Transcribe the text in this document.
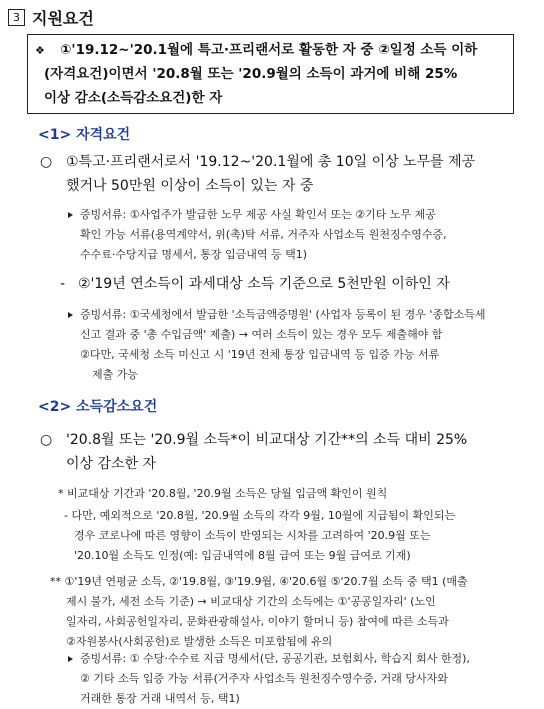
3 지원요건
❖ ①'19.12~'20.1월에 특고·프리랜서로 활동한 자 중 ②일정 소득 이하
(자격요건)이면서 '20.8월 또는 '20.9월의 소득이 과거에 비해 25%
이상 감소(소득감소요건)한 자
<1> 자격요건
○ ①특고·프리랜서로서 '19.12~'20.1월에 총 10일 이상 노무를 제공
했거나 50만원 이상이 소득이 있는 자 중
증빙서류: ①사업주가 발급한 노무 제공 사실 확인서 또는 ②기타 노무 제공
확인 가능 서류(용역계약서, 위(촉)탁 서류, 거주자 사업소득 원천징수영수증,
수수료·수당지급 명세서, 통장 입금내역 등 택1)
- ②'19년 연소득이 과세대상 소득 기준으로 5천만원 이하인 자
증빙서류: ①국세청에서 발급한 '소득금액증명원' (사업자 등록이 된 경우 '종합소득세
신고 결과 중 '총 수입금액' 제출) → 여러 소득이 있는 경우 모두 제출해야 함
②다만, 국세청 소득 미신고 시 '19년 전체 통장 입금내역 등 입증 가능 서류
제출 가능
<2> 소득감소요건
○ '20.8월 또는 '20.9월 소득*이 비교대상 기간**의 소득 대비 25%
이상 감소한 자
* 비교대상 기간과 '20.8월, '20.9월 소득은 당월 입금액 확인이 원칙
- 다만, 예외적으로 '20.8월, '20.9월 소득의 각각 9월, 10월에 지급됨이 확인되는
경우 코로나에 따른 영향이 소득이 반영되는 시차를 고려하여 '20.9월 또는
'20.10월 소득도 인정(예: 입금내역에 8월 급여 또는 9월 급여로 기재)
** ①'19년 연평균 소득, ②'19.8월, ③'19.9월, ④'20.6월 ⑤'20.7월 소득 중 택1 (매출
제시 불가, 세전 소득 기준) → 비교대상 기간의 소득에는 ①'공공일자리' (노인
일자리, 사회공헌일자리, 문화관광해설사, 이야기 할머니 등) 참여에 따른 소득과
②자원봉사(사회공헌)로 발생한 소득은 미포함됨에 유의
증빙서류: ① 수당·수수료 지급 명세서(단, 공공기관, 보험회사, 학습지 회사 한정),
② 기타 소득 입증 가능 서류(거주자 사업소득 원천징수영수증, 거래 당사자와
거래한 통장 거래 내역서 등, 택1)
